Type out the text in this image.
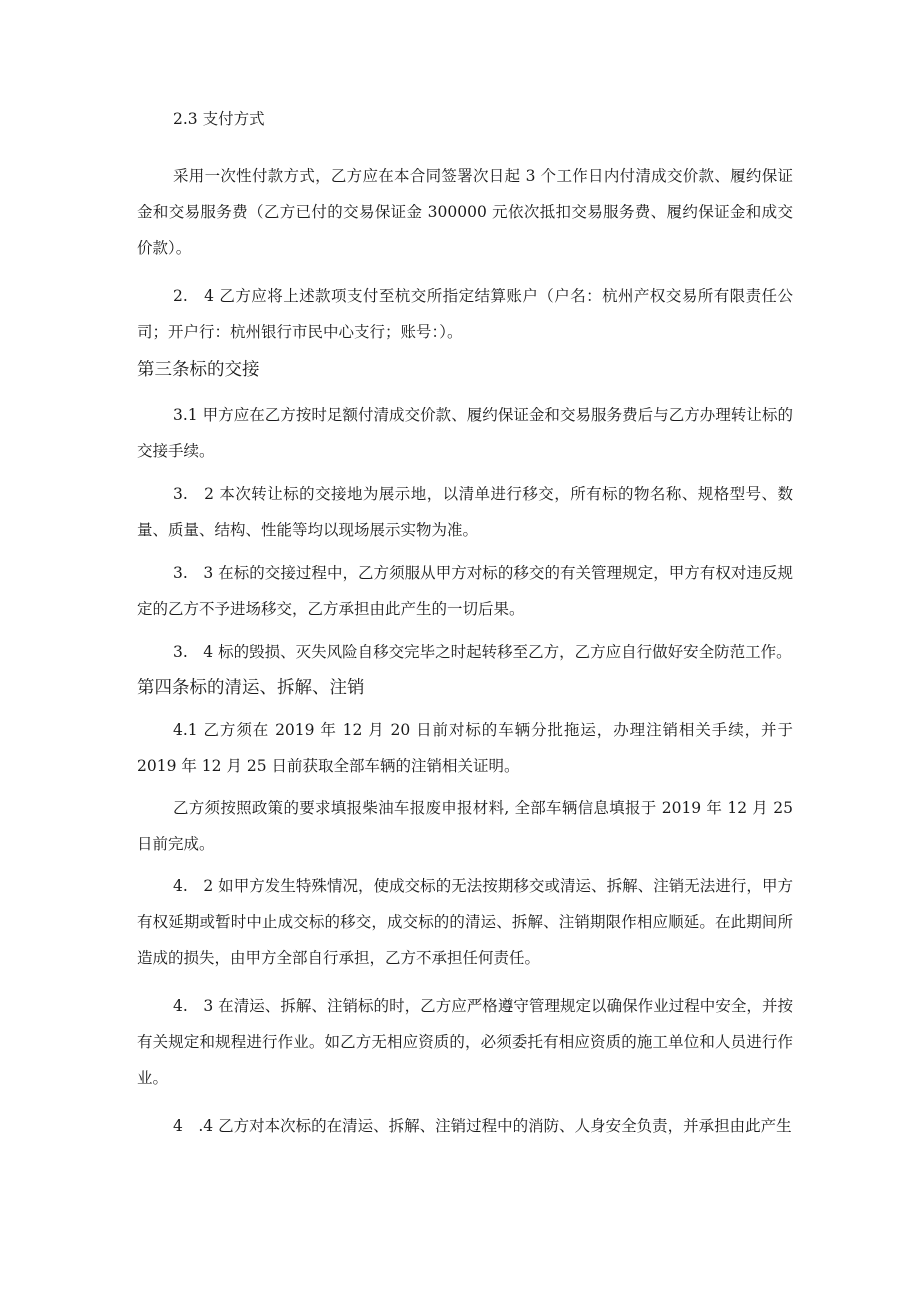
2.3 支付方式

采用一次性付款方式，乙方应在本合同签署次日起 3 个工作日内付清成交价款、履约保证金和交易服务费（乙方已付的交易保证金 300000 元依次抵扣交易服务费、履约保证金和成交价款）。

2.　4 乙方应将上述款项支付至杭交所指定结算账户（户名：杭州产权交易所有限责任公司；开户行：杭州银行市民中心支行；账号：）。

第三条标的交接

3.1 甲方应在乙方按时足额付清成交价款、履约保证金和交易服务费后与乙方办理转让标的交接手续。

3.　2 本次转让标的交接地为展示地，以清单进行移交，所有标的物名称、规格型号、数量、质量、结构、性能等均以现场展示实物为准。

3.　3 在标的交接过程中，乙方须服从甲方对标的移交的有关管理规定，甲方有权对违反规定的乙方不予进场移交，乙方承担由此产生的一切后果。

3.　4 标的毁损、灭失风险自移交完毕之时起转移至乙方，乙方应自行做好安全防范工作。

第四条标的清运、拆解、注销

4.1 乙方须在 2019 年 12 月 20 日前对标的车辆分批拖运，办理注销相关手续，并于 2019 年 12 月 25 日前获取全部车辆的注销相关证明。

乙方须按照政策的要求填报柴油车报废申报材料, 全部车辆信息填报于 2019 年 12 月 25 日前完成。

4.　2 如甲方发生特殊情况，使成交标的无法按期移交或清运、拆解、注销无法进行，甲方有权延期或暂时中止成交标的移交，成交标的的清运、拆解、注销期限作相应顺延。在此期间所造成的损失，由甲方全部自行承担，乙方不承担任何责任。

4.　3 在清运、拆解、注销标的时，乙方应严格遵守管理规定以确保作业过程中安全，并按有关规定和规程进行作业。如乙方无相应资质的，必须委托有相应资质的施工单位和人员进行作业。

4　.4 乙方对本次标的在清运、拆解、注销过程中的消防、人身安全负责，并承担由此产生
